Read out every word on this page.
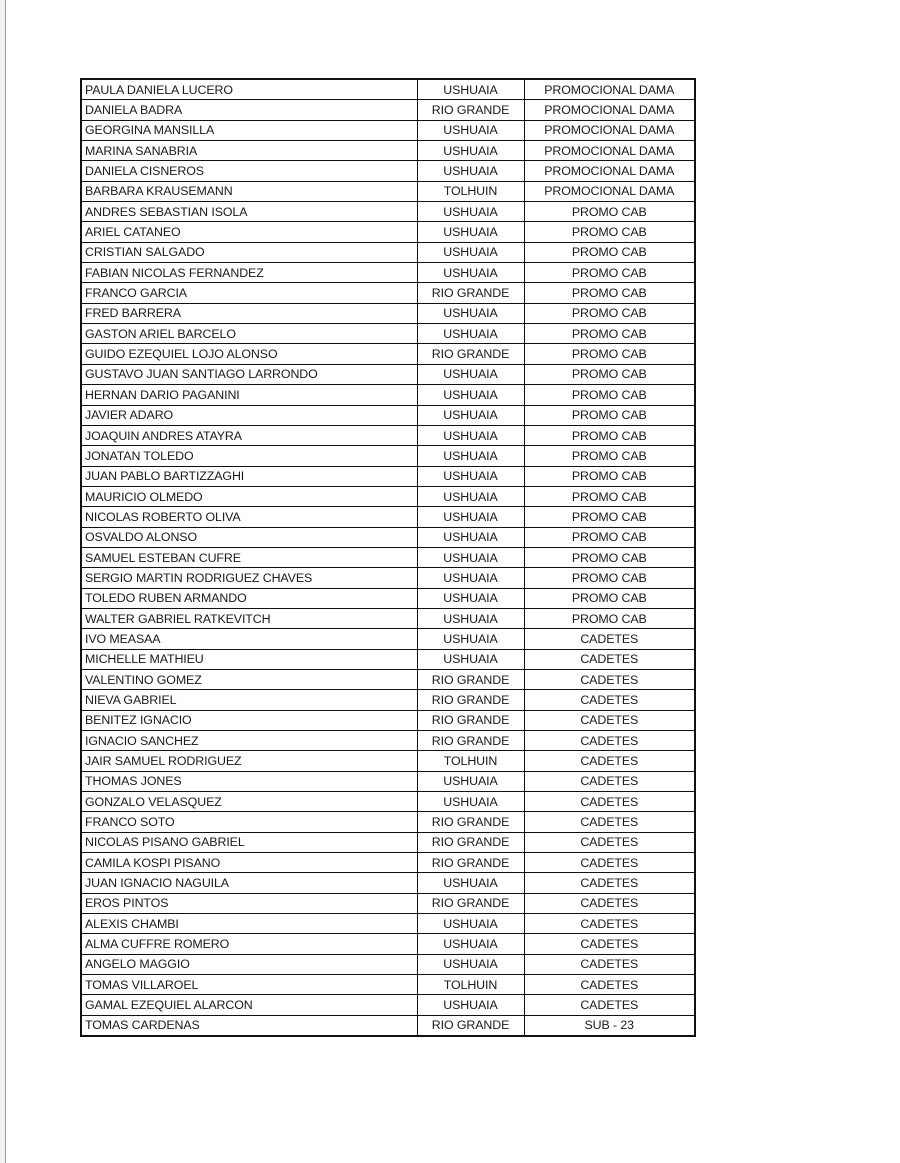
PAULA DANIELA LUCERO	USHUAIA	PROMOCIONAL DAMA
DANIELA BADRA	RIO GRANDE	PROMOCIONAL DAMA
GEORGINA MANSILLA	USHUAIA	PROMOCIONAL DAMA
MARINA SANABRIA	USHUAIA	PROMOCIONAL DAMA
DANIELA CISNEROS	USHUAIA	PROMOCIONAL DAMA
BARBARA KRAUSEMANN	TOLHUIN	PROMOCIONAL DAMA
ANDRES SEBASTIAN ISOLA	USHUAIA	PROMO CAB
ARIEL CATANEO	USHUAIA	PROMO CAB
CRISTIAN SALGADO	USHUAIA	PROMO CAB
FABIAN NICOLAS FERNANDEZ	USHUAIA	PROMO CAB
FRANCO GARCIA	RIO GRANDE	PROMO CAB
FRED BARRERA	USHUAIA	PROMO CAB
GASTON ARIEL BARCELO	USHUAIA	PROMO CAB
GUIDO EZEQUIEL LOJO ALONSO	RIO GRANDE	PROMO CAB
GUSTAVO JUAN SANTIAGO LARRONDO	USHUAIA	PROMO CAB
HERNAN DARIO PAGANINI	USHUAIA	PROMO CAB
JAVIER ADARO	USHUAIA	PROMO CAB
JOAQUIN ANDRES ATAYRA	USHUAIA	PROMO CAB
JONATAN TOLEDO	USHUAIA	PROMO CAB
JUAN PABLO BARTIZZAGHI	USHUAIA	PROMO CAB
MAURICIO OLMEDO	USHUAIA	PROMO CAB
NICOLAS ROBERTO OLIVA	USHUAIA	PROMO CAB
OSVALDO ALONSO	USHUAIA	PROMO CAB
SAMUEL ESTEBAN CUFRE	USHUAIA	PROMO CAB
SERGIO MARTIN RODRIGUEZ CHAVES	USHUAIA	PROMO CAB
TOLEDO RUBEN ARMANDO	USHUAIA	PROMO CAB
WALTER GABRIEL RATKEVITCH	USHUAIA	PROMO CAB
IVO MEASAA	USHUAIA	CADETES
MICHELLE MATHIEU	USHUAIA	CADETES
VALENTINO GOMEZ	RIO GRANDE	CADETES
NIEVA GABRIEL	RIO GRANDE	CADETES
BENITEZ IGNACIO	RIO GRANDE	CADETES
IGNACIO SANCHEZ	RIO GRANDE	CADETES
JAIR SAMUEL RODRIGUEZ	TOLHUIN	CADETES
THOMAS JONES	USHUAIA	CADETES
GONZALO VELASQUEZ	USHUAIA	CADETES
FRANCO SOTO	RIO GRANDE	CADETES
NICOLAS PISANO GABRIEL	RIO GRANDE	CADETES
CAMILA KOSPI PISANO	RIO GRANDE	CADETES
JUAN IGNACIO NAGUILA	USHUAIA	CADETES
EROS PINTOS	RIO GRANDE	CADETES
ALEXIS CHAMBI	USHUAIA	CADETES
ALMA CUFFRE ROMERO	USHUAIA	CADETES
ANGELO MAGGIO	USHUAIA	CADETES
TOMAS VILLAROEL	TOLHUIN	CADETES
GAMAL EZEQUIEL ALARCON	USHUAIA	CADETES
TOMAS CARDENAS	RIO GRANDE	SUB - 23
